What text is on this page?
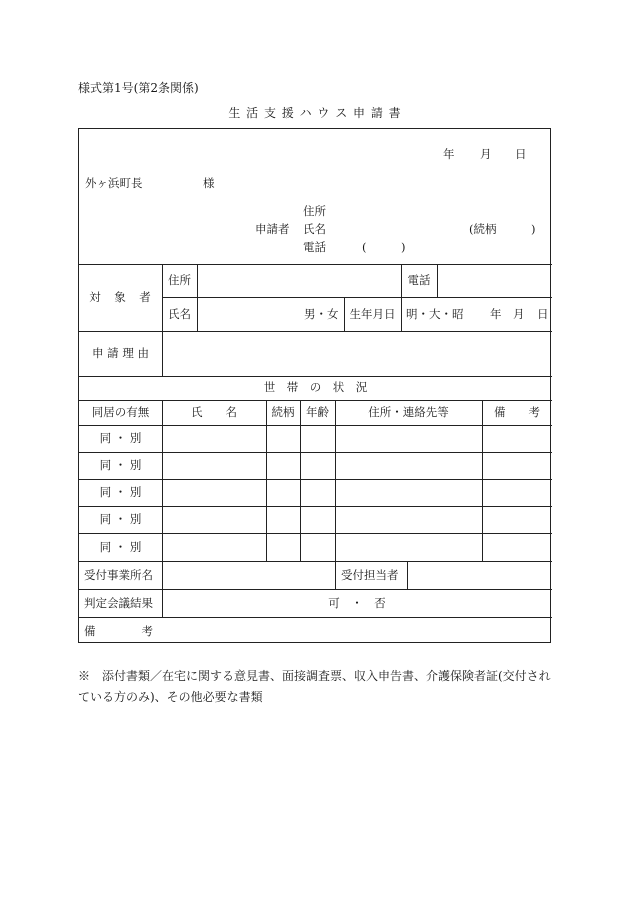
様式第1号(第2条関係)
生 活 支 援 ハ ウ ス 申 請 書
年 月 日
外ヶ浜町長	様
住所
申請者 氏名	(続柄　　　)
電話	(　　　)
対　象　者
住所	電話
氏名	男・女 生年月日 明・大・昭 年 月 日
申 請 理 由
世　帯　の　状　況
同居の有無	氏　　名	続柄	年齢	住所・連絡先等	備　　考
同 ・ 別
同 ・ 別
同 ・ 別
同 ・ 別
同 ・ 別
受付事業所名	受付担当者
判定会議結果	可　・　否
備　　　　考
※　添付書類／在宅に関する意見書、面接調査票、収入申告書、介護保険者証(交付されている方のみ)、その他必要な書類
